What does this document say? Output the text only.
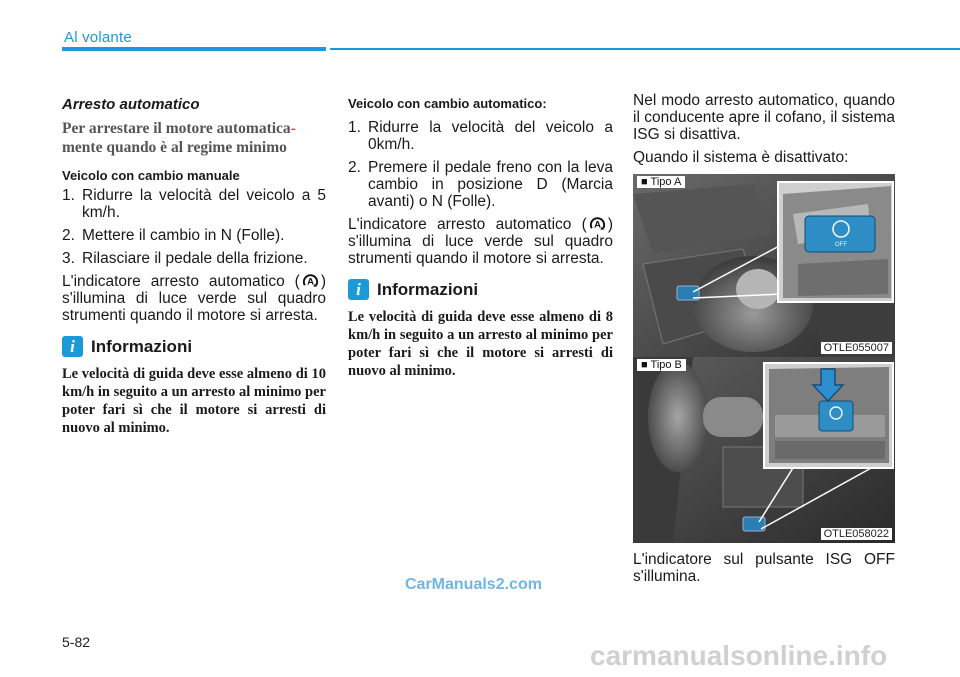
Al volante
Arresto automatico
Per arrestare il motore automatica-
mente quando è al regime minimo
Veicolo con cambio manuale
1. Ridurre la velocità del veicolo a 5 km/h.
2. Mettere il cambio in N (Folle).
3. Rilasciare il pedale della frizione.
L'indicatore arresto automatico ( A ) s'illumina di luce verde sul quadro strumenti quando il motore si arresta.
i Informazioni
Le velocità di guida deve esse almeno di 10 km/h in seguito a un arresto al minimo per poter fari sì che il motore si arresti di nuovo al minimo.
Veicolo con cambio automatico:
1. Ridurre la velocità del veicolo a 0km/h.
2. Premere il pedale freno con la leva cambio in posizione D (Marcia avanti) o N (Folle).
L'indicatore arresto automatico ( A ) s'illumina di luce verde sul quadro strumenti quando il motore si arresta.
i Informazioni
Le velocità di guida deve esse almeno di 8 km/h in seguito a un arresto al minimo per poter fari sì che il motore si arresti di nuovo al minimo.
Nel modo arresto automatico, quando il conducente apre il cofano, il sistema ISG si disattiva.
Quando il sistema è disattivato:
OFF
■ Tipo A
OTLE055007
■ Tipo B
OTLE058022
L'indicatore sul pulsante ISG OFF s'illumina.
CarManuals2.com
carmanualsonline.info
5-82
